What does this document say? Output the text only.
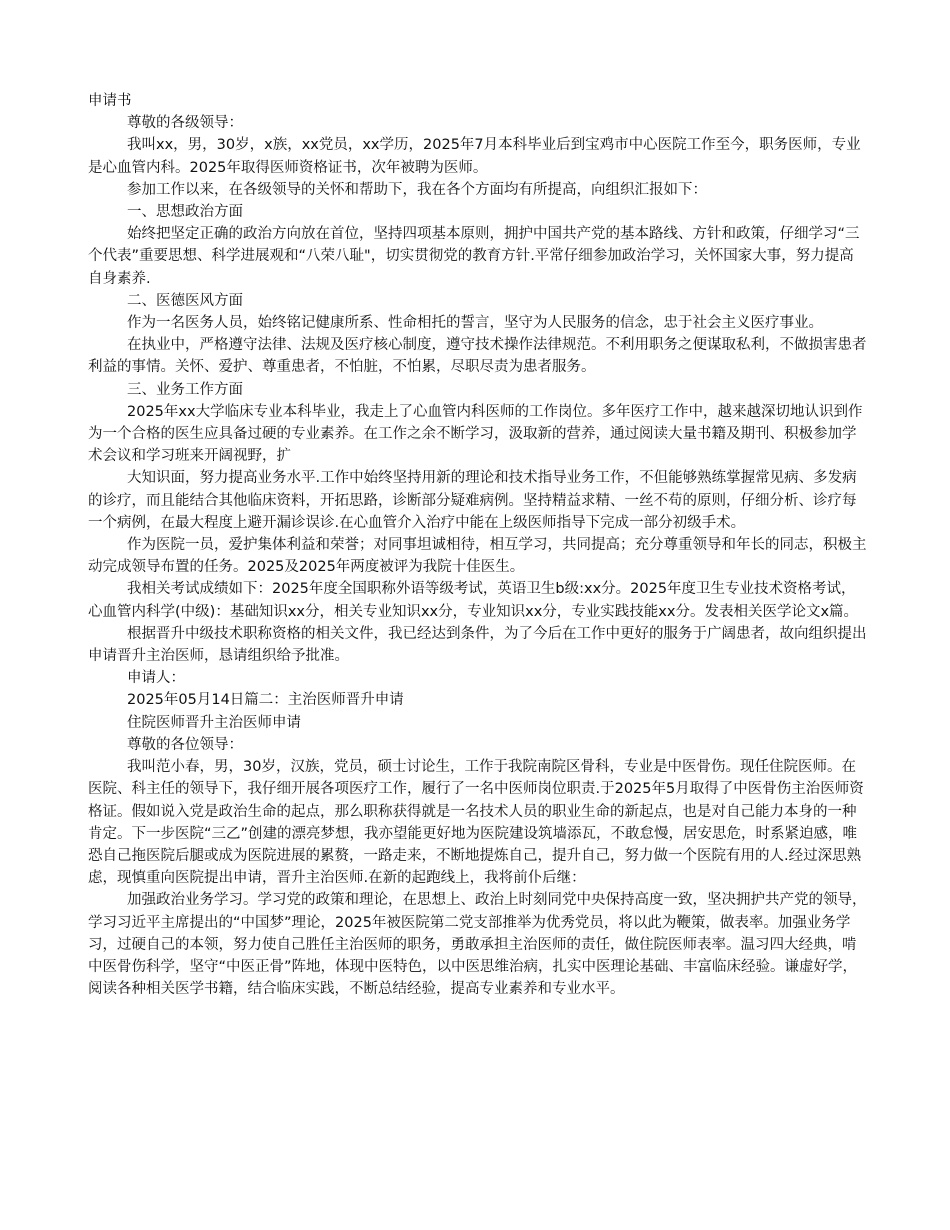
申请书
尊敬的各级领导：

我叫xx，男，30岁，x族，xx党员，xx学历，2025年7月本科毕业后到宝鸡市中心医院工作至今，职务医师，专业是心血管内科。2025年取得医师资格证书，次年被聘为医师。

参加工作以来，在各级领导的关怀和帮助下，我在各个方面均有所提高，向组织汇报如下：

一、思想政治方面

始终把坚定正确的政治方向放在首位，坚持四项基本原则，拥护中国共产党的基本路线、方针和政策，仔细学习“三个代表”重要思想、科学进展观和“八荣八耻"，切实贯彻党的教育方针.平常仔细参加政治学习，关怀国家大事，努力提高自身素养.

二、医德医风方面

作为一名医务人员，始终铭记健康所系、性命相托的誓言，坚守为人民服务的信念，忠于社会主义医疗事业。

在执业中，严格遵守法律、法规及医疗核心制度，遵守技术操作法律规范。不利用职务之便谋取私利，不做损害患者利益的事情。关怀、爱护、尊重患者，不怕脏，不怕累，尽职尽责为患者服务。

三、业务工作方面

2025年xx大学临床专业本科毕业，我走上了心血管内科医师的工作岗位。多年医疗工作中，越来越深切地认识到作为一个合格的医生应具备过硬的专业素养。在工作之余不断学习，汲取新的营养，通过阅读大量书籍及期刊、积极参加学术会议和学习班来开阔视野，扩

大知识面，努力提高业务水平.工作中始终坚持用新的理论和技术指导业务工作，不但能够熟练掌握常见病、多发病的诊疗，而且能结合其他临床资料，开拓思路，诊断部分疑难病例。坚持精益求精、一丝不苟的原则，仔细分析、诊疗每一个病例，在最大程度上避开漏诊误诊.在心血管介入治疗中能在上级医师指导下完成一部分初级手术。

作为医院一员，爱护集体利益和荣誉；对同事坦诚相待，相互学习，共同提高；充分尊重领导和年长的同志，积极主动完成领导布置的任务。2025及2025年两度被评为我院十佳医生。

我相关考试成绩如下：2025年度全国职称外语等级考试，英语卫生b级:xx分。2025年度卫生专业技术资格考试，心血管内科学(中级)：基础知识xx分，相关专业知识xx分，专业知识xx分，专业实践技能xx分。发表相关医学论文x篇。

根据晋升中级技术职称资格的相关文件，我已经达到条件，为了今后在工作中更好的服务于广阔患者，故向组织提出申请晋升主治医师，恳请组织给予批准。

申请人：
2025年05月14日篇二：主治医师晋升申请
住院医师晋升主治医师申请
尊敬的各位领导：

我叫范小春，男，30岁，汉族，党员，硕士讨论生，工作于我院南院区骨科，专业是中医骨伤。现任住院医师。在医院、科主任的领导下，我仔细开展各项医疗工作，履行了一名中医师岗位职责.于2025年5月取得了中医骨伤主治医师资格证。假如说入党是政治生命的起点，那么职称获得就是一名技术人员的职业生命的新起点，也是对自己能力本身的一种肯定。下一步医院“三乙”创建的漂亮梦想，我亦望能更好地为医院建设筑墙添瓦，不敢怠慢，居安思危，时系紧迫感，唯恐自己拖医院后腿或成为医院进展的累赘，一路走来，不断地提炼自己，提升自己，努力做一个医院有用的人.经过深思熟虑，现慎重向医院提出申请，晋升主治医师.在新的起跑线上，我将前仆后继：

加强政治业务学习。学习党的政策和理论，在思想上、政治上时刻同党中央保持高度一致，坚决拥护共产党的领导，学习习近平主席提出的“中国梦”理论，2025年被医院第二党支部推举为优秀党员，将以此为鞭策，做表率。加强业务学习，过硬自己的本领，努力使自己胜任主治医师的职务，勇敢承担主治医师的责任，做住院医师表率。温习四大经典，啃中医骨伤科学，坚守“中医正骨”阵地，体现中医特色，以中医思维治病，扎实中医理论基础、丰富临床经验。谦虚好学，阅读各种相关医学书籍，结合临床实践，不断总结经验，提高专业素养和专业水平。
